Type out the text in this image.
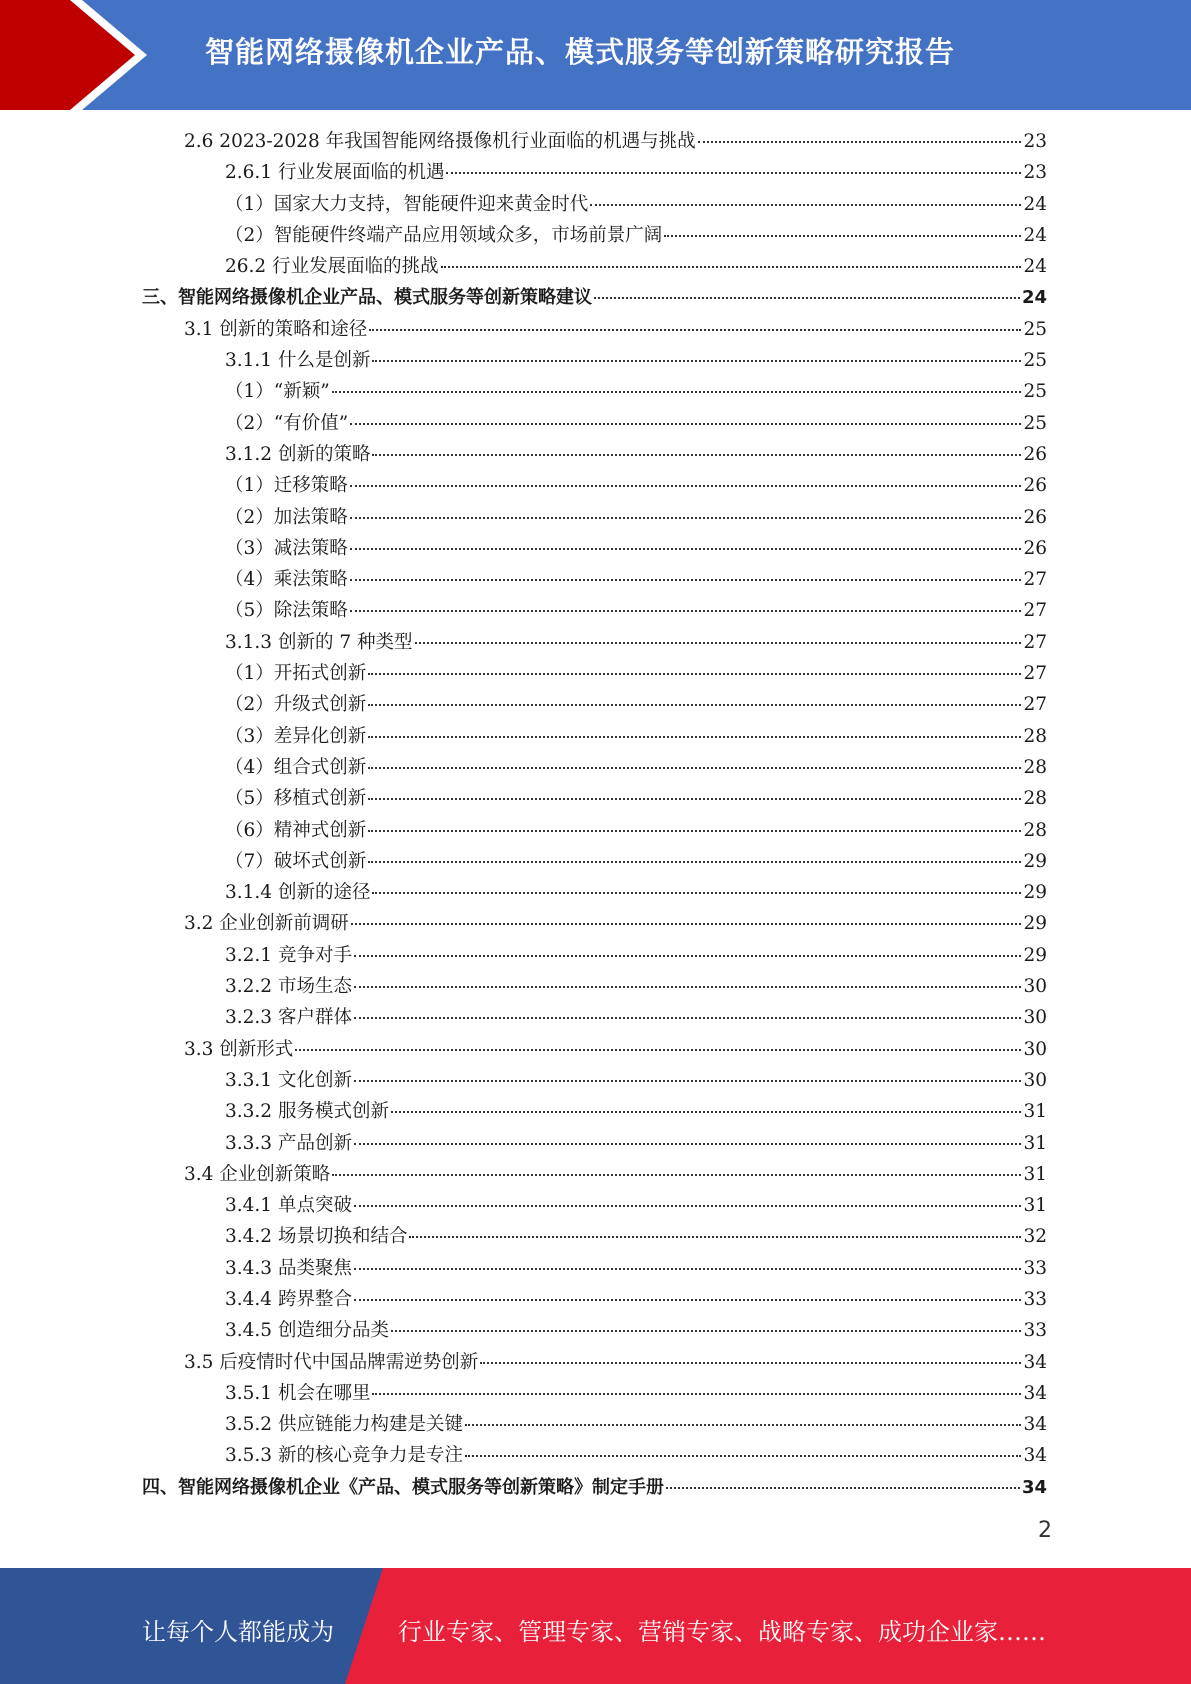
智能网络摄像机企业产品、模式服务等创新策略研究报告
2.6 2023-2028 年我国智能网络摄像机行业面临的机遇与挑战	23
2.6.1 行业发展面临的机遇	23
（1）国家大力支持，智能硬件迎来黄金时代	24
（2）智能硬件终端产品应用领域众多，市场前景广阔	24
26.2 行业发展面临的挑战	24
三、智能网络摄像机企业产品、模式服务等创新策略建议	24
3.1 创新的策略和途径	25
3.1.1 什么是创新	25
（1）“新颖”	25
（2）“有价值”	25
3.1.2 创新的策略	26
（1）迁移策略	26
（2）加法策略	26
（3）减法策略	26
（4）乘法策略	27
（5）除法策略	27
3.1.3 创新的 7 种类型	27
（1）开拓式创新	27
（2）升级式创新	27
（3）差异化创新	28
（4）组合式创新	28
（5）移植式创新	28
（6）精神式创新	28
（7）破坏式创新	29
3.1.4 创新的途径	29
3.2 企业创新前调研	29
3.2.1 竞争对手	29
3.2.2 市场生态	30
3.2.3 客户群体	30
3.3 创新形式	30
3.3.1 文化创新	30
3.3.2 服务模式创新	31
3.3.3 产品创新	31
3.4 企业创新策略	31
3.4.1 单点突破	31
3.4.2 场景切换和结合	32
3.4.3 品类聚焦	33
3.4.4 跨界整合	33
3.4.5 创造细分品类	33
3.5 后疫情时代中国品牌需逆势创新	34
3.5.1 机会在哪里	34
3.5.2 供应链能力构建是关键	34
3.5.3 新的核心竞争力是专注	34
四、智能网络摄像机企业《产品、模式服务等创新策略》制定手册	34
2
让每个人都能成为	行业专家、管理专家、营销专家、战略专家、成功企业家……
